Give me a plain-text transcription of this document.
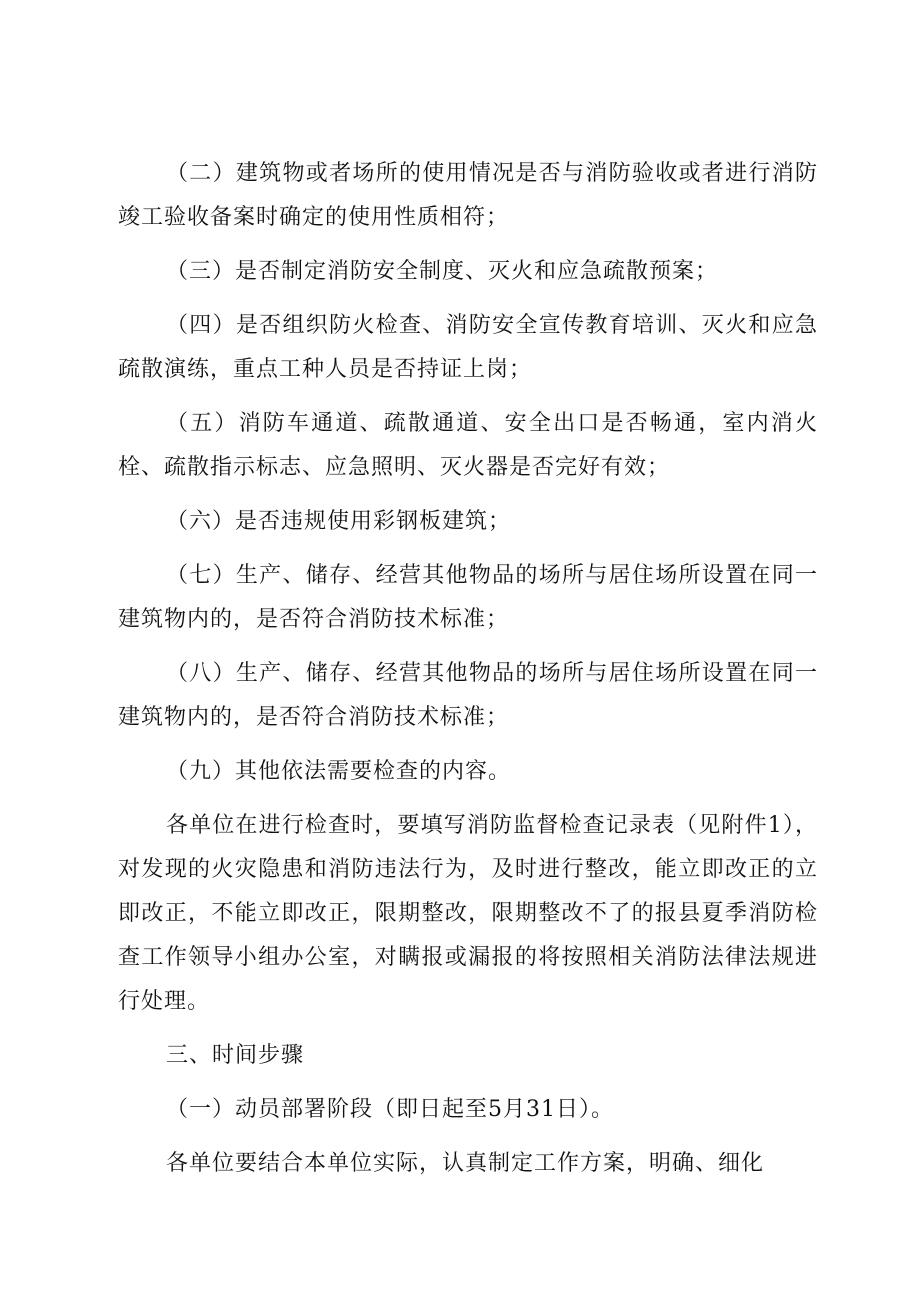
（二）建筑物或者场所的使用情况是否与消防验收或者进行消防竣工验收备案时确定的使用性质相符；

（三）是否制定消防安全制度、灭火和应急疏散预案；

（四）是否组织防火检查、消防安全宣传教育培训、灭火和应急疏散演练，重点工种人员是否持证上岗；

（五）消防车通道、疏散通道、安全出口是否畅通，室内消火栓、疏散指示标志、应急照明、灭火器是否完好有效；

（六）是否违规使用彩钢板建筑；

（七）生产、储存、经营其他物品的场所与居住场所设置在同一建筑物内的，是否符合消防技术标准；

（八）生产、储存、经营其他物品的场所与居住场所设置在同一建筑物内的，是否符合消防技术标准；

（九）其他依法需要检查的内容。

各单位在进行检查时，要填写消防监督检查记录表（见附件1），对发现的火灾隐患和消防违法行为，及时进行整改，能立即改正的立即改正，不能立即改正，限期整改，限期整改不了的报县夏季消防检查工作领导小组办公室，对瞒报或漏报的将按照相关消防法律法规进行处理。

三、时间步骤

（一）动员部署阶段（即日起至5月31日）。

各单位要结合本单位实际，认真制定工作方案，明确、细化
